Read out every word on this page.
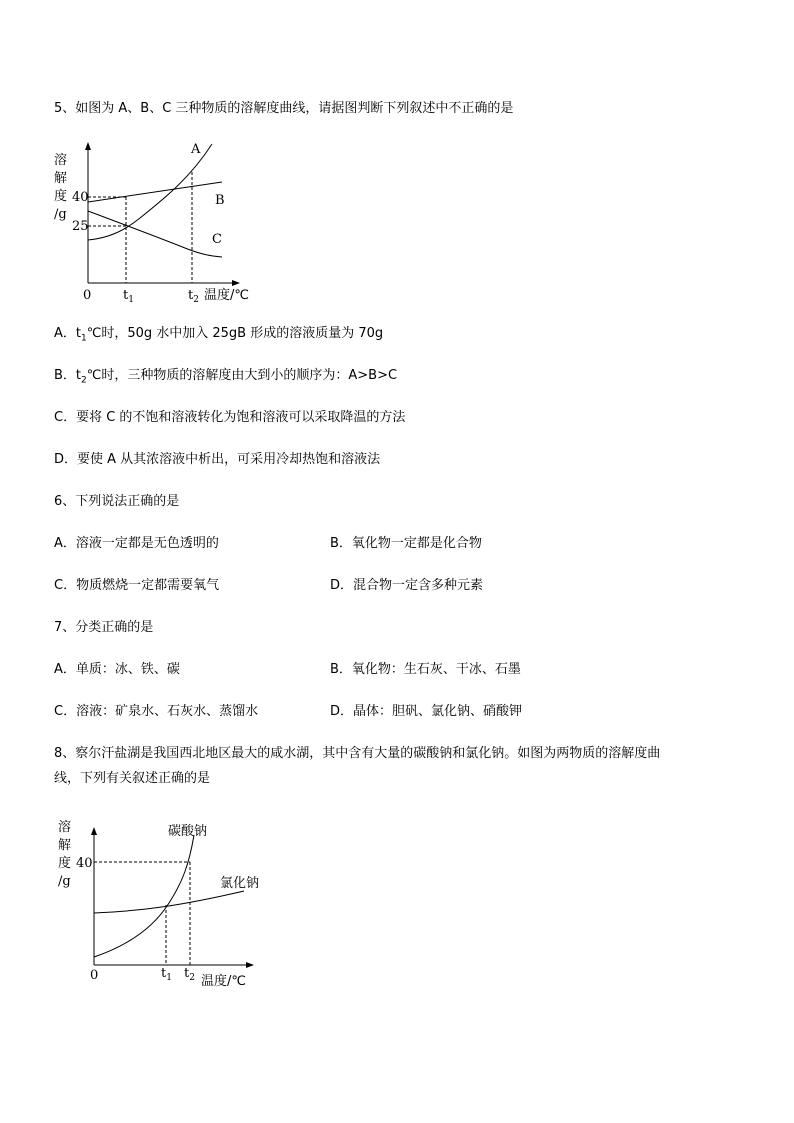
5、如图为 A、B、C 三种物质的溶解度曲线，请据图判断下列叙述中不正确的是
溶
解
度
/g
40
25
0 $t_1$	$t_2$ 温度/℃
A
B
C
A．$t_1℃$时，50g 水中加入 25gB 形成的溶液质量为 70g
B．$t_2℃$时，三种物质的溶解度由大到小的顺序为：A>B>C
C．要将 C 的不饱和溶液转化为饱和溶液可以采取降温的方法
D．要使 A 从其浓溶液中析出，可采用冷却热饱和溶液法
6、下列说法正确的是
A．溶液一定都是无色透明的	B．氧化物一定都是化合物
C．物质燃烧一定都需要氧气	D．混合物一定含多种元素
7、分类正确的是
A．单质：冰、铁、碳	B．氧化物：生石灰、干冰、石墨
C．溶液：矿泉水、石灰水、蒸馏水	D．晶体：胆矾、氯化钠、硝酸钾
8、察尔汗盐湖是我国西北地区最大的咸水湖，其中含有大量的碳酸钠和氯化钠。如图为两物质的溶解度曲
线，下列有关叙述正确的是
溶
解
度
/g
40
0	$t_1$ $t_2$ 温度/℃
碳酸钠
氯化钠
